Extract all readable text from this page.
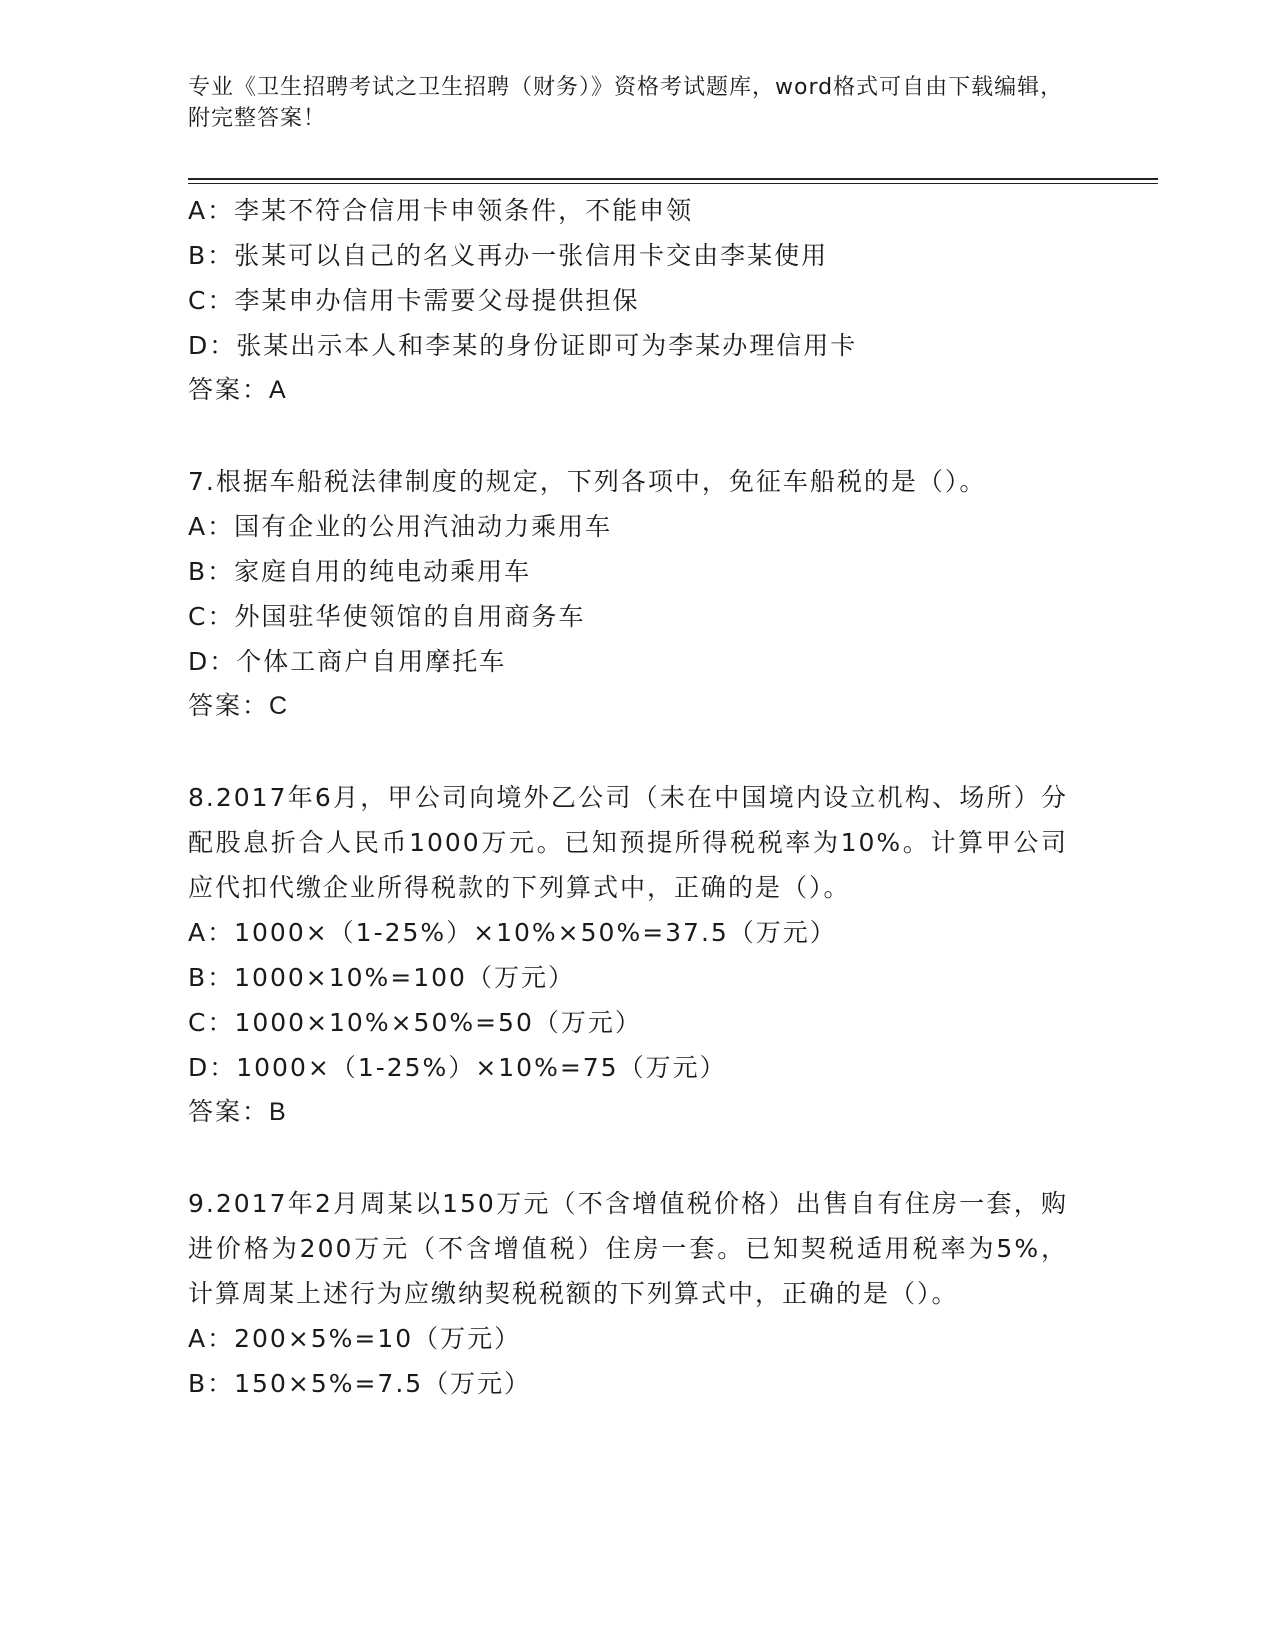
专业《卫生招聘考试之卫生招聘（财务）》资格考试题库，word格式可自由下载编辑，附完整答案！
A：李某不符合信用卡申领条件，不能申领
B：张某可以自己的名义再办一张信用卡交由李某使用
C：李某申办信用卡需要父母提供担保
D：张某出示本人和李某的身份证即可为李某办理信用卡
答案：A
7.根据车船税法律制度的规定，下列各项中，免征车船税的是（）。
A：国有企业的公用汽油动力乘用车
B：家庭自用的纯电动乘用车
C：外国驻华使领馆的自用商务车
D：个体工商户自用摩托车
答案：C
8.2017年6月，甲公司向境外乙公司（未在中国境内设立机构、场所）分配股息折合人民币1000万元。已知预提所得税税率为10%。计算甲公司应代扣代缴企业所得税款的下列算式中，正确的是（）。
A：1000×（1-25%）×10%×50%=37.5（万元）
B：1000×10%=100（万元）
C：1000×10%×50%=50（万元）
D：1000×（1-25%）×10%=75（万元）
答案：B
9.2017年2月周某以150万元（不含增值税价格）出售自有住房一套，购进价格为200万元（不含增值税）住房一套。已知契税适用税率为5%，计算周某上述行为应缴纳契税税额的下列算式中，正确的是（）。
A：200×5%=10（万元）
B：150×5%=7.5（万元）
